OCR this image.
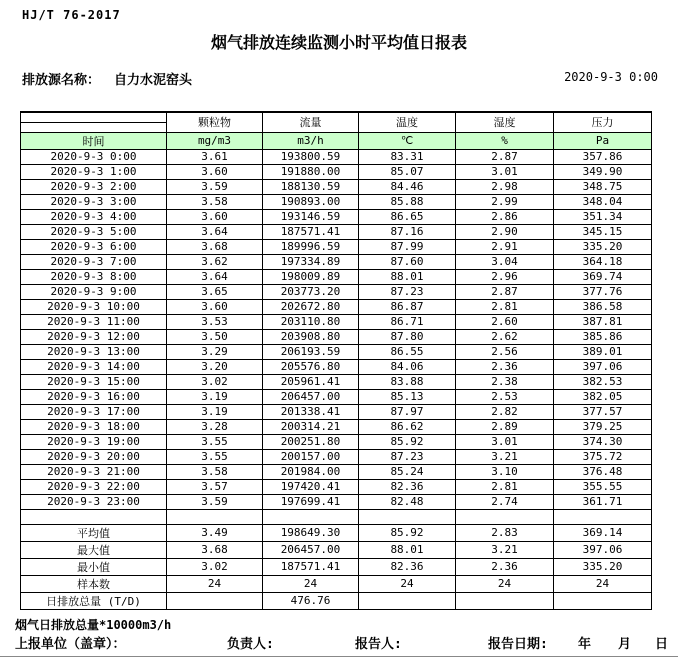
HJ/T 76-2017
烟气排放连续监测小时平均值日报表
排放源名称： 自力水泥窑头	2020-9-3 0:00
	颗粒物	流量	温度	湿度	压力

时间	mg/m3	m3/h	℃	%	Pa
2020-9-3 0:00	3.61	193800.59	83.31	2.87	357.86
2020-9-3 1:00	3.60	191880.00	85.07	3.01	349.90
2020-9-3 2:00	3.59	188130.59	84.46	2.98	348.75
2020-9-3 3:00	3.58	190893.00	85.88	2.99	348.04
2020-9-3 4:00	3.60	193146.59	86.65	2.86	351.34
2020-9-3 5:00	3.64	187571.41	87.16	2.90	345.15
2020-9-3 6:00	3.68	189996.59	87.99	2.91	335.20
2020-9-3 7:00	3.62	197334.89	87.60	3.04	364.18
2020-9-3 8:00	3.64	198009.89	88.01	2.96	369.74
2020-9-3 9:00	3.65	203773.20	87.23	2.87	377.76
2020-9-3 10:00	3.60	202672.80	86.87	2.81	386.58
2020-9-3 11:00	3.53	203110.80	86.71	2.60	387.81
2020-9-3 12:00	3.50	203908.80	87.80	2.62	385.86
2020-9-3 13:00	3.29	206193.59	86.55	2.56	389.01
2020-9-3 14:00	3.20	205576.80	84.06	2.36	397.06
2020-9-3 15:00	3.02	205961.41	83.88	2.38	382.53
2020-9-3 16:00	3.19	206457.00	85.13	2.53	382.05
2020-9-3 17:00	3.19	201338.41	87.97	2.82	377.57
2020-9-3 18:00	3.28	200314.21	86.62	2.89	379.25
2020-9-3 19:00	3.55	200251.80	85.92	3.01	374.30
2020-9-3 20:00	3.55	200157.00	87.23	3.21	375.72
2020-9-3 21:00	3.58	201984.00	85.24	3.10	376.48
2020-9-3 22:00	3.57	197420.41	82.36	2.81	355.55
2020-9-3 23:00	3.59	197699.41	82.48	2.74	361.71

平均值	3.49	198649.30	85.92	2.83	369.14
最大值	3.68	206457.00	88.01	3.21	397.06
最小值	3.02	187571.41	82.36	2.36	335.20
样本数	24	24	24	24	24
日排放总量 (T/D)		476.76			
烟气日排放总量*10000m3/h
上报单位（盖章）：	负责人:	报告人:	报告日期: 年 月 日
